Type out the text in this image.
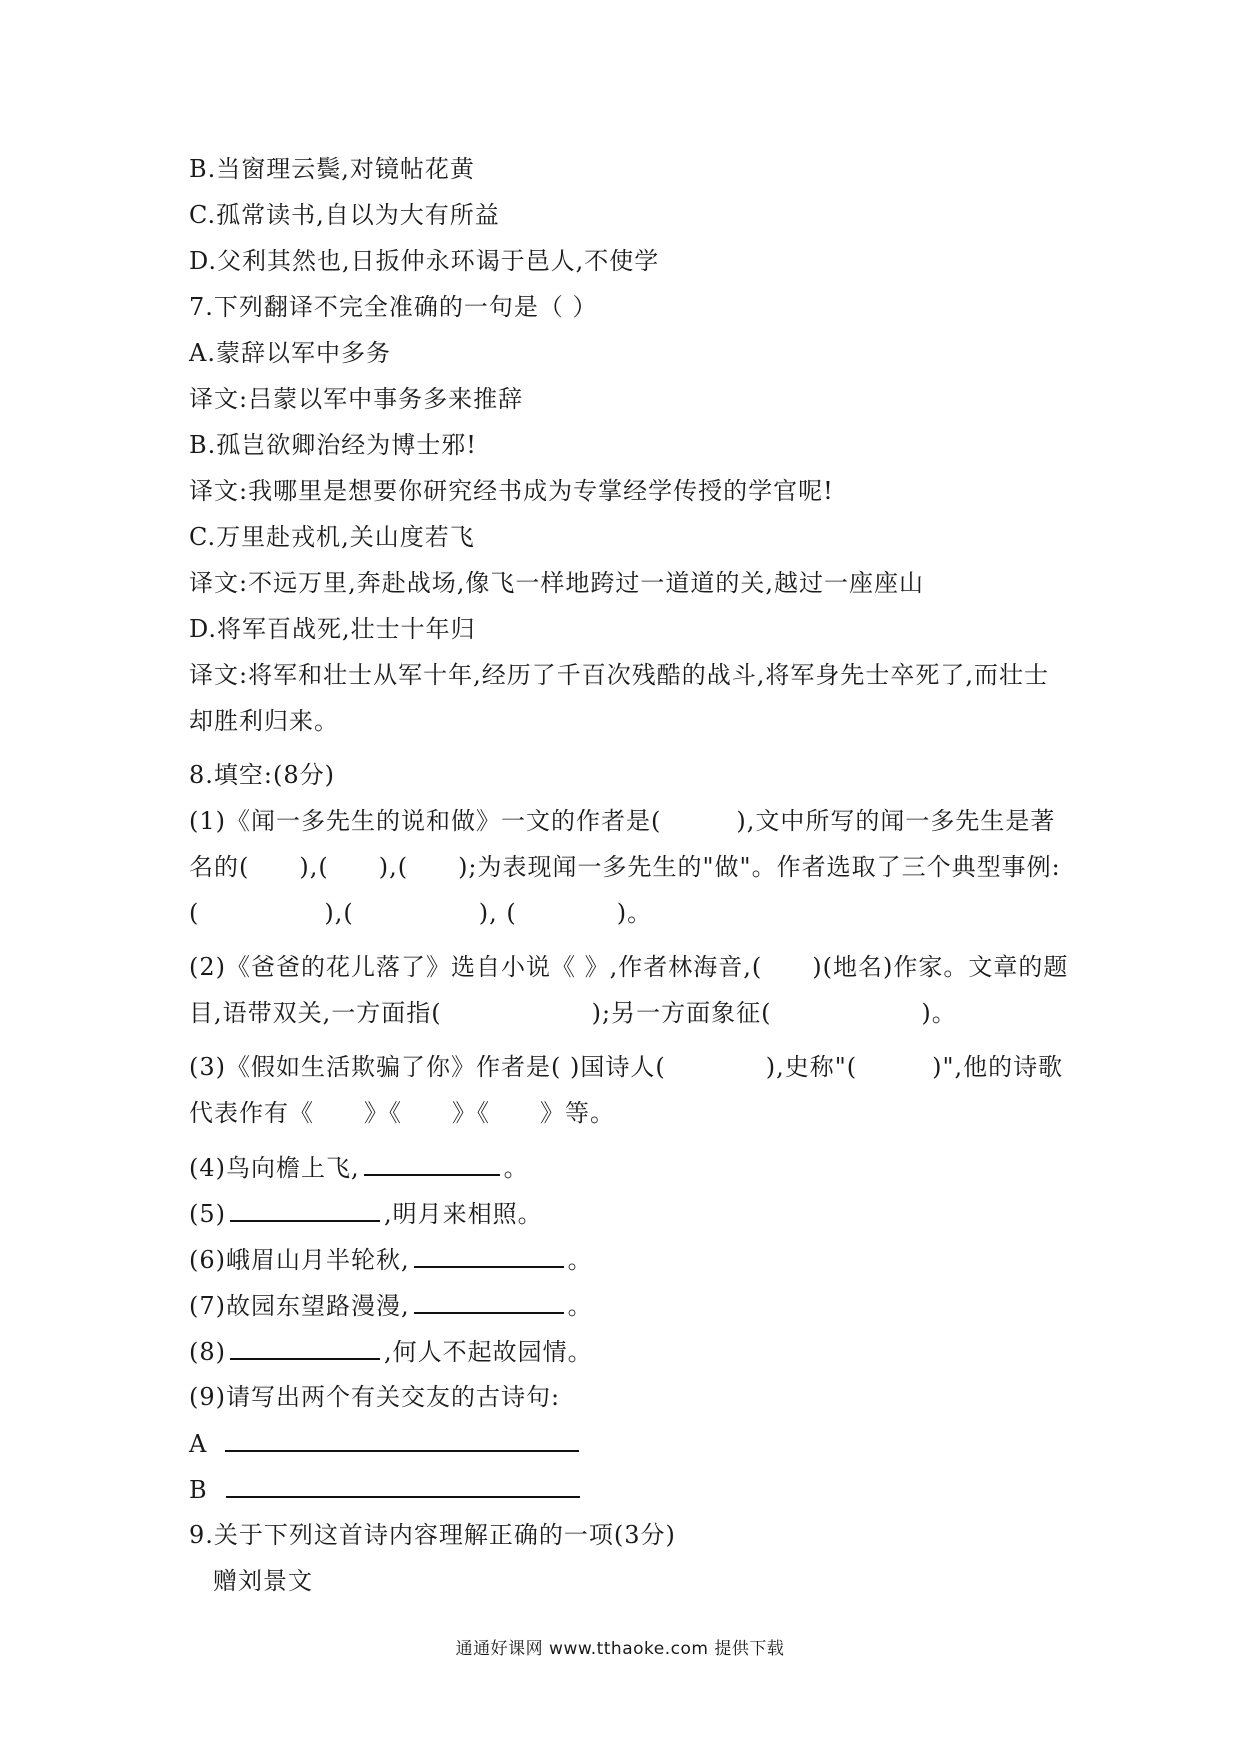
B.当窗理云鬓,对镜帖花黄
C.孤常读书,自以为大有所益
D.父利其然也,日扳仲永环谒于邑人,不使学
7.下列翻译不完全准确的一句是（ ）
A.蒙辞以军中多务
译文:吕蒙以军中事务多来推辞
B.孤岂欲卿治经为博士邪!
译文:我哪里是想要你研究经书成为专掌经学传授的学官呢!
C.万里赴戎机,关山度若飞
译文:不远万里,奔赴战场,像飞一样地跨过一道道的关,越过一座座山
D.将军百战死,壮士十年归
译文:将军和壮士从军十年,经历了千百次残酷的战斗,将军身先士卒死了,而壮士却胜利归来。
8.填空:(8分)
(1)《闻一多先生的说和做》一文的作者是(　　　),文中所写的闻一多先生是著名的(　　),(　　),(　　);为表现闻一多先生的"做"。作者选取了三个典型事例:(　　　　　),(　　　　　), (　　　　)。
(2)《爸爸的花儿落了》选自小说《 》,作者林海音,(　　)(地名)作家。文章的题目,语带双关,一方面指(　　　　　　);另一方面象征(　　　　　　)。
(3)《假如生活欺骗了你》作者是( )国诗人(　　　　),史称"(　　　)",他的诗歌代表作有《　　》《　　》《　　》等。
(4)鸟向檐上飞,	。
(5)	,明月来相照。
(6)峨眉山月半轮秋,	。
(7)故园东望路漫漫,	。
(8)	,何人不起故园情。
(9)请写出两个有关交友的古诗句:
A
B
9.关于下列这首诗内容理解正确的一项(3分)
赠刘景文
通通好课网 www.tthaoke.com 提供下载
